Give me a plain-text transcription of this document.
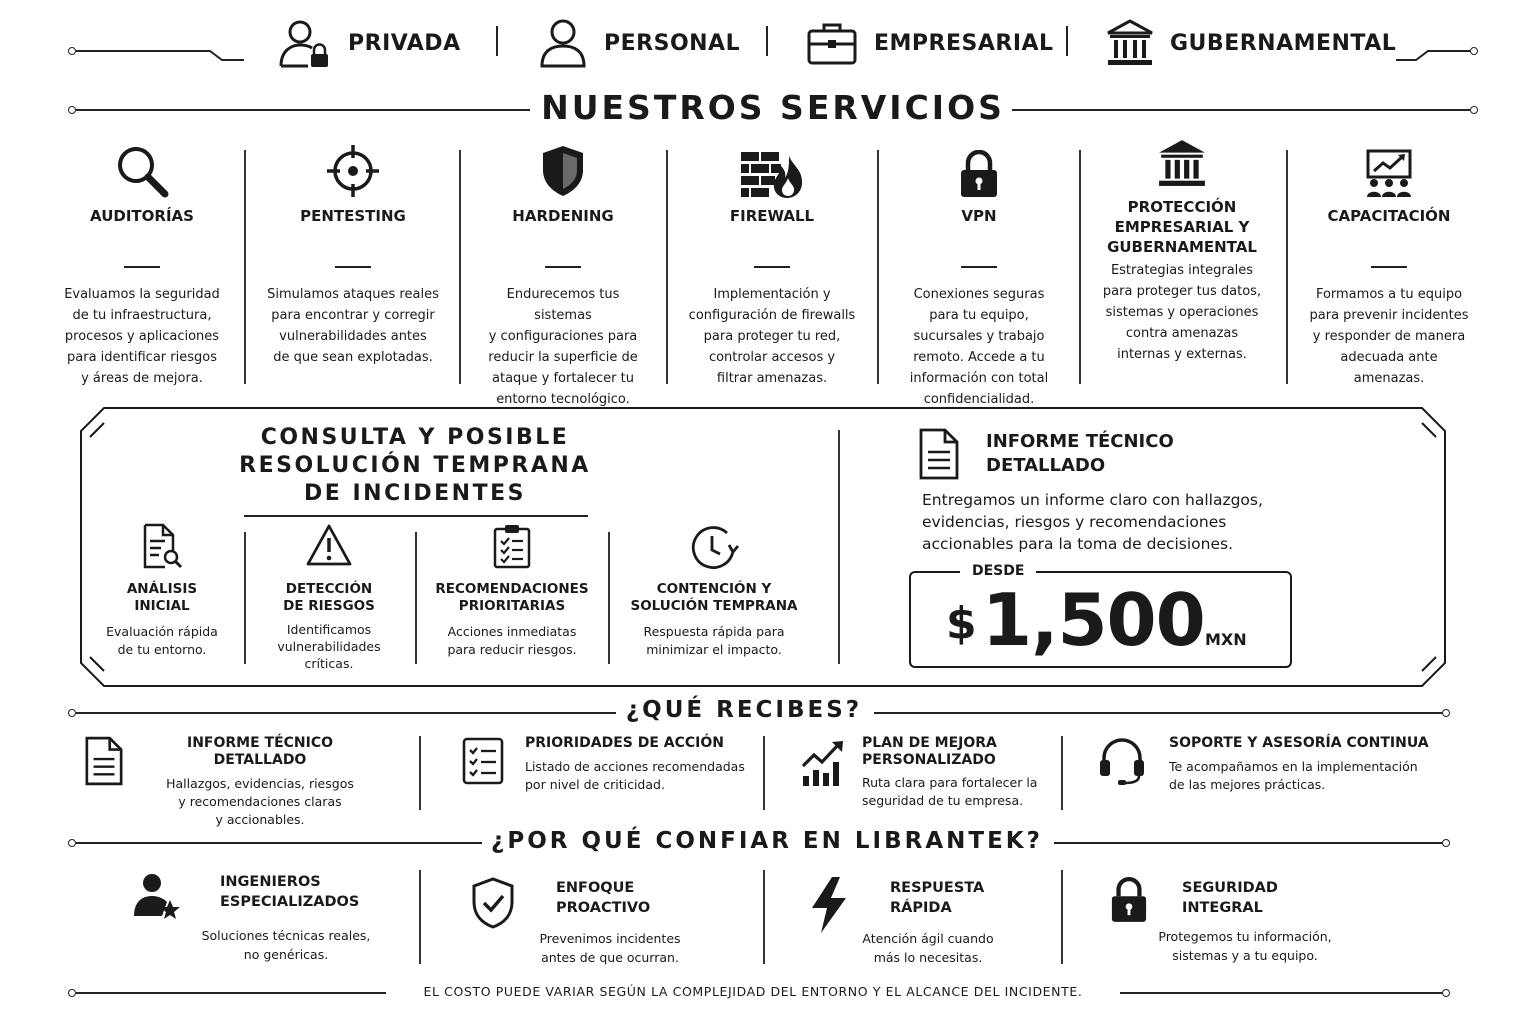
PRIVADA	PERSONAL	EMPRESARIAL	GUBERNAMENTAL
NUESTROS SERVICIOS
AUDITORÍAS
Evaluamos la seguridad
de tu infraestructura,
procesos y aplicaciones
para identificar riesgos
y áreas de mejora.
PENTESTING
Simulamos ataques reales
para encontrar y corregir
vulnerabilidades antes
de que sean explotadas.
HARDENING
Endurecemos tus sistemas
y configuraciones para
reducir la superficie de
ataque y fortalecer tu
entorno tecnológico.
FIREWALL
Implementación y
configuración de firewalls
para proteger tu red,
controlar accesos y
filtrar amenazas.
VPN
Conexiones seguras
para tu equipo,
sucursales y trabajo
remoto. Accede a tu
información con total
confidencialidad.
PROTECCIÓN
EMPRESARIAL Y
GUBERNAMENTAL
Estrategias integrales
para proteger tus datos,
sistemas y operaciones
contra amenazas
internas y externas.
CAPACITACIÓN
Formamos a tu equipo
para prevenir incidentes
y responder de manera
adecuada ante
amenazas.
CONSULTA Y POSIBLE
RESOLUCIÓN TEMPRANA
DE INCIDENTES
ANÁLISIS
INICIAL
Evaluación rápida
de tu entorno.
DETECCIÓN
DE RIESGOS
Identificamos
vulnerabilidades
críticas.
RECOMENDACIONES
PRIORITARIAS
Acciones inmediatas
para reducir riesgos.
CONTENCIÓN Y
SOLUCIÓN TEMPRANA
Respuesta rápida para
minimizar el impacto.
INFORME TÉCNICO
DETALLADO
Entregamos un informe claro con hallazgos,
evidencias, riesgos y recomendaciones
accionables para la toma de decisiones.
DESDE
$ 1,500 MXN
¿QUÉ RECIBES?
INFORME TÉCNICO DETALLADO
Hallazgos, evidencias, riesgos
y recomendaciones claras
y accionables.
PRIORIDADES DE ACCIÓN
Listado de acciones recomendadas
por nivel de criticidad.
PLAN DE MEJORA
PERSONALIZADO
Ruta clara para fortalecer la
seguridad de tu empresa.
SOPORTE Y ASESORÍA CONTINUA
Te acompañamos en la implementación
de las mejores prácticas.
¿POR QUÉ CONFIAR EN LIBRANTEK?
INGENIEROS
ESPECIALIZADOS
Soluciones técnicas reales,
no genéricas.
ENFOQUE
PROACTIVO
Prevenimos incidentes
antes de que ocurran.
RESPUESTA
RÁPIDA
Atención ágil cuando
más lo necesitas.
SEGURIDAD
INTEGRAL
Protegemos tu información,
sistemas y a tu equipo.
EL COSTO PUEDE VARIAR SEGÚN LA COMPLEJIDAD DEL ENTORNO Y EL ALCANCE DEL INCIDENTE.
